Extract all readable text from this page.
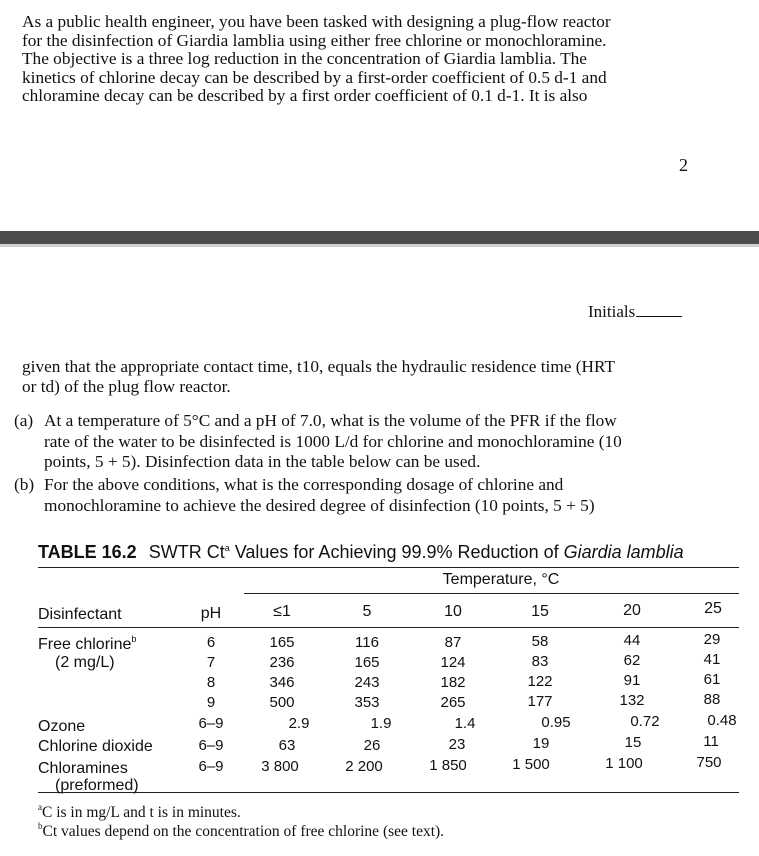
As a public health engineer, you have been tasked with designing a plug-flow reactor
for the disinfection of Giardia lamblia using either free chlorine or monochloramine.
The objective is a three log reduction in the concentration of Giardia lamblia. The
kinetics of chlorine decay can be described by a first-order coefficient of 0.5 d-1 and
chloramine decay can be described by a first order coefficient of 0.1 d-1. It is also
2
Initials
given that the appropriate contact time, t10, equals the hydraulic residence time (HRT
or td) of the plug flow reactor.
(a) At a temperature of 5°C and a pH of 7.0, what is the volume of the PFR if the flow
rate of the water to be disinfected is 1000 L/d for chlorine and monochloramine (10
points, 5 + 5). Disinfection data in the table below can be used.
(b) For the above conditions, what is the corresponding dosage of chlorine and
monochloramine to achieve the desired degree of disinfection (10 points, 5 + 5)
TABLE 16.2 SWTR Ct$^a$ Values for Achieving 99.9% Reduction of Giardia lamblia
Temperature, °C
Disinfectant	pH	≤1	5	10	15	20	25
Free chlorine$^b$
(2 mg/L)
6	165	116	87	58	44	29
7	236	165	124	83	62	41
8	346	243	182	122	91	61
9	500	353	265	177	132	88
Ozone	6–9	2.9	1.9	1.4	0.95	0.72	0.48
Chlorine dioxide	6–9	63	26	23	19	15	11
Chloramines	6–9	3 800	2 200	1 850	1 500	1 100	750
(preformed)
$^a$C is in mg/L and t is in minutes.
$^b$Ct values depend on the concentration of free chlorine (see text).
